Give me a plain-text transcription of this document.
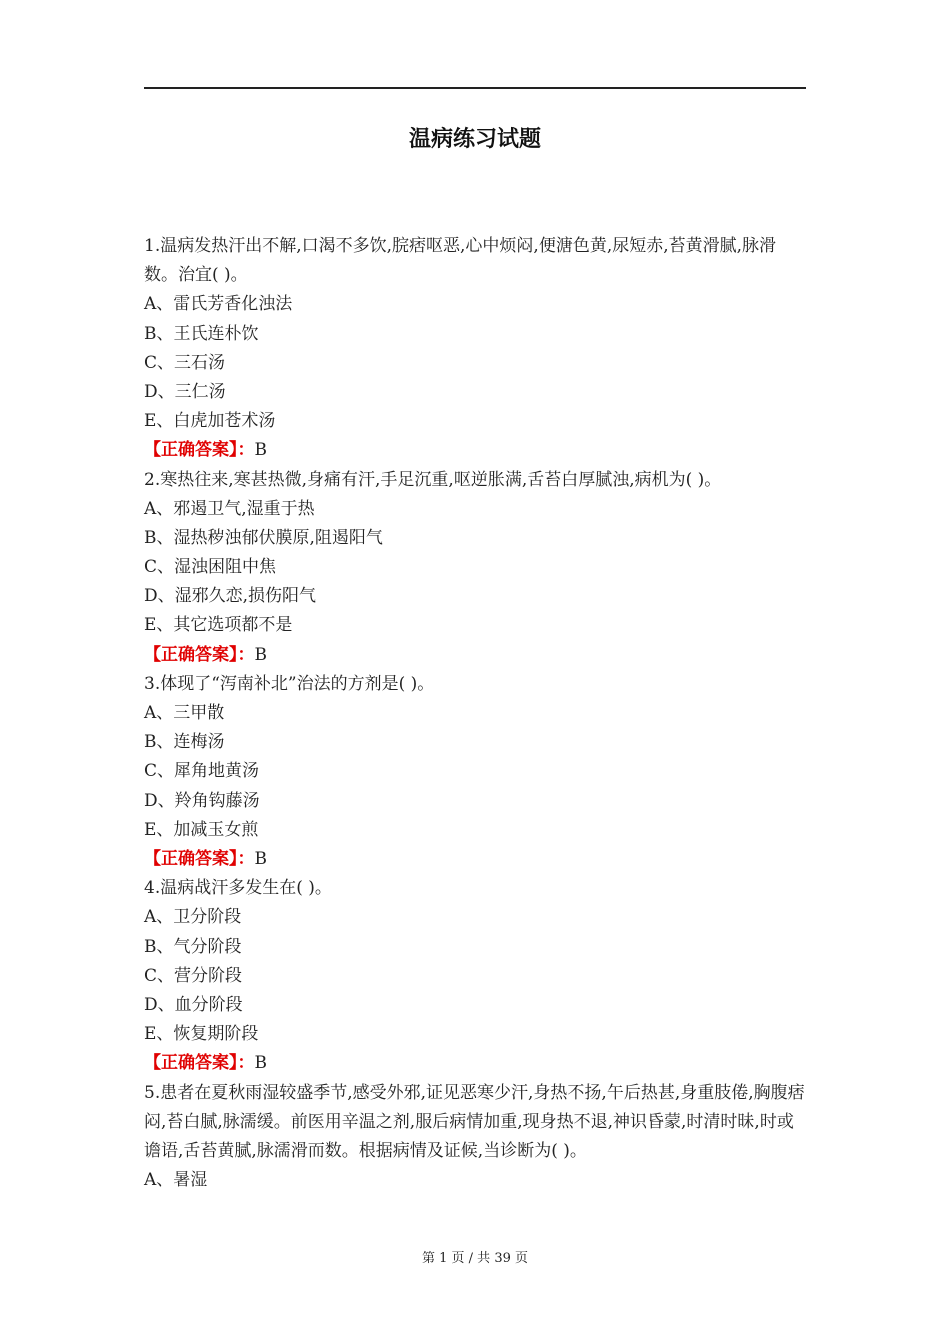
温病练习试题
1.温病发热汗出不解,口渴不多饮,脘痞呕恶,心中烦闷,便溏色黄,尿短赤,苔黄滑腻,脉滑数。治宜( )。
A、雷氏芳香化浊法
B、王氏连朴饮
C、三石汤
D、三仁汤
E、白虎加苍术汤
【正确答案】：B
2.寒热往来,寒甚热微,身痛有汗,手足沉重,呕逆胀满,舌苔白厚腻浊,病机为( )。
A、邪遏卫气,湿重于热
B、湿热秽浊郁伏膜原,阻遏阳气
C、湿浊困阻中焦
D、湿邪久恋,损伤阳气
E、其它选项都不是
【正确答案】：B
3.体现了“泻南补北”治法的方剂是( )。
A、三甲散
B、连梅汤
C、犀角地黄汤
D、羚角钩藤汤
E、加减玉女煎
【正确答案】：B
4.温病战汗多发生在( )。
A、卫分阶段
B、气分阶段
C、营分阶段
D、血分阶段
E、恢复期阶段
【正确答案】：B
5.患者在夏秋雨湿较盛季节,感受外邪,证见恶寒少汗,身热不扬,午后热甚,身重肢倦,胸腹痞闷,苔白腻,脉濡缓。前医用辛温之剂,服后病情加重,现身热不退,神识昏蒙,时清时昧,时或谵语,舌苔黄腻,脉濡滑而数。根据病情及证候,当诊断为( )。
A、暑湿
第 1 页 / 共 39 页
